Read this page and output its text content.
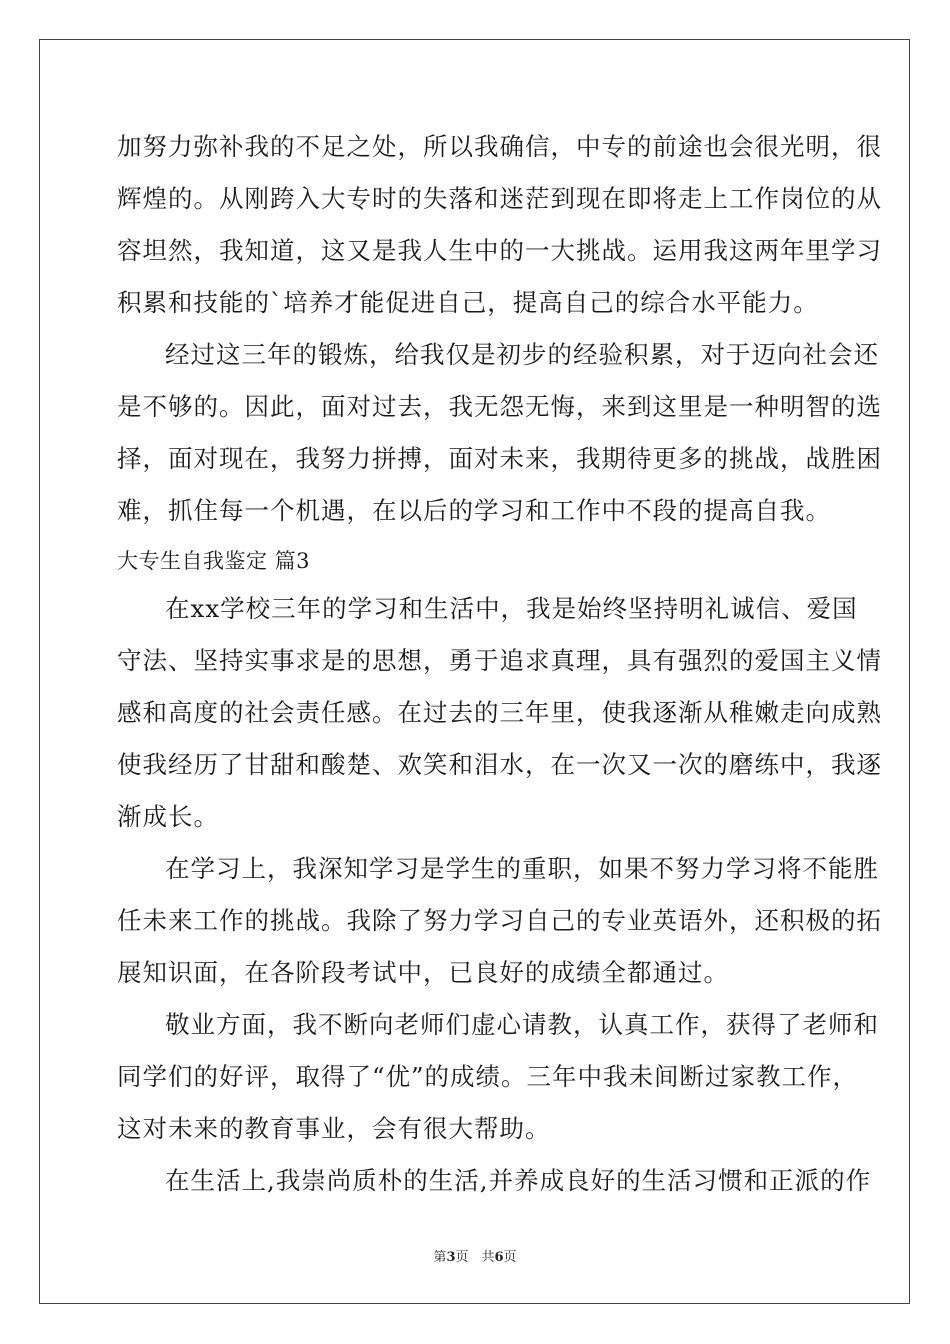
加努力弥补我的不足之处，所以我确信，中专的前途也会很光明，很
辉煌的。从刚跨入大专时的失落和迷茫到现在即将走上工作岗位的从
容坦然，我知道，这又是我人生中的一大挑战。运用我这两年里学习
积累和技能的`培养才能促进自己，提高自己的综合水平能力。
经过这三年的锻炼，给我仅是初步的经验积累，对于迈向社会还
是不够的。因此，面对过去，我无怨无悔，来到这里是一种明智的选
择，面对现在，我努力拼搏，面对未来，我期待更多的挑战，战胜困
难，抓住每一个机遇，在以后的学习和工作中不段的提高自我。
大专生自我鉴定 篇3
在xx学校三年的学习和生活中，我是始终坚持明礼诚信、爱国
守法、坚持实事求是的思想，勇于追求真理，具有强烈的爱国主义情
感和高度的社会责任感。在过去的三年里，使我逐渐从稚嫩走向成熟
使我经历了甘甜和酸楚、欢笑和泪水，在一次又一次的磨练中，我逐
渐成长。
在学习上，我深知学习是学生的重职，如果不努力学习将不能胜
任未来工作的挑战。我除了努力学习自己的专业英语外，还积极的拓
展知识面，在各阶段考试中，已良好的成绩全都通过。
敬业方面，我不断向老师们虚心请教，认真工作，获得了老师和
同学们的好评，取得了“优”的成绩。三年中我未间断过家教工作，
这对未来的教育事业，会有很大帮助。
在生活上,我崇尚质朴的生活,并养成良好的生活习惯和正派的作
第3页　共6页
